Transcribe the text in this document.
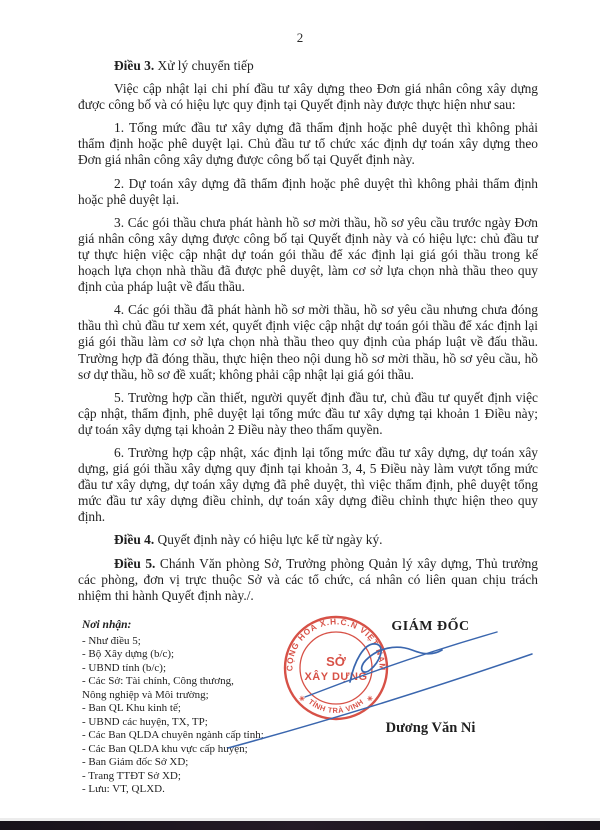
2

Điều 3. Xử lý chuyển tiếp

Việc cập nhật lại chi phí đầu tư xây dựng theo Đơn giá nhân công xây dựng được công bố và có hiệu lực quy định tại Quyết định này được thực hiện như sau:

1. Tổng mức đầu tư xây dựng đã thẩm định hoặc phê duyệt thì không phải thẩm định hoặc phê duyệt lại. Chủ đầu tư tổ chức xác định dự toán xây dựng theo Đơn giá nhân công xây dựng được công bố tại Quyết định này.

2. Dự toán xây dựng đã thẩm định hoặc phê duyệt thì không phải thẩm định hoặc phê duyệt lại.

3. Các gói thầu chưa phát hành hồ sơ mời thầu, hồ sơ yêu cầu trước ngày Đơn giá nhân công xây dựng được công bố tại Quyết định này và có hiệu lực: chủ đầu tư tự thực hiện việc cập nhật dự toán gói thầu để xác định lại giá gói thầu trong kế hoạch lựa chọn nhà thầu đã được phê duyệt, làm cơ sở lựa chọn nhà thầu theo quy định của pháp luật về đấu thầu.

4. Các gói thầu đã phát hành hồ sơ mời thầu, hồ sơ yêu cầu nhưng chưa đóng thầu thì chủ đầu tư xem xét, quyết định việc cập nhật dự toán gói thầu để xác định lại giá gói thầu làm cơ sở lựa chọn nhà thầu theo quy định của pháp luật về đấu thầu. Trường hợp đã đóng thầu, thực hiện theo nội dung hồ sơ mời thầu, hồ sơ yêu cầu, hồ sơ dự thầu, hồ sơ đề xuất; không phải cập nhật lại giá gói thầu.

5. Trường hợp cần thiết, người quyết định đầu tư, chủ đầu tư quyết định việc cập nhật, thẩm định, phê duyệt lại tổng mức đầu tư xây dựng tại khoản 1 Điều này; dự toán xây dựng tại khoản 2 Điều này theo thẩm quyền.

6. Trường hợp cập nhật, xác định lại tổng mức đầu tư xây dựng, dự toán xây dựng, giá gói thầu xây dựng quy định tại khoản 3, 4, 5 Điều này làm vượt tổng mức đầu tư xây dựng, dự toán xây dựng đã phê duyệt, thì việc thẩm định, phê duyệt tổng mức đầu tư xây dựng điều chỉnh, dự toán xây dựng điều chỉnh thực hiện theo quy định.

Điều 4. Quyết định này có hiệu lực kể từ ngày ký.

Điều 5. Chánh Văn phòng Sở, Trưởng phòng Quản lý xây dựng, Thủ trưởng các phòng, đơn vị trực thuộc Sở và các tổ chức, cá nhân có liên quan chịu trách nhiệm thi hành Quyết định này./.

Nơi nhận:
- Như điều 5;
- Bộ Xây dựng (b/c);
- UBND tỉnh (b/c);
- Các Sở: Tài chính, Công thương,
Nông nghiệp và Môi trường;
- Ban QL Khu kinh tế;
- UBND các huyện, TX, TP;
- Các Ban QLDA chuyên ngành cấp tỉnh;
- Các Ban QLDA khu vực cấp huyện;
- Ban Giám đốc Sở XD;
- Trang TTĐT Sở XD;
- Lưu: VT, QLXD.
GIÁM ĐỐC
Dương Văn Ni
CỘNG HÒA X.H.C.N VIỆT NAM
TỈNH TRÀ VINH
✳	✳
SỞ
XÂY DỰNG
